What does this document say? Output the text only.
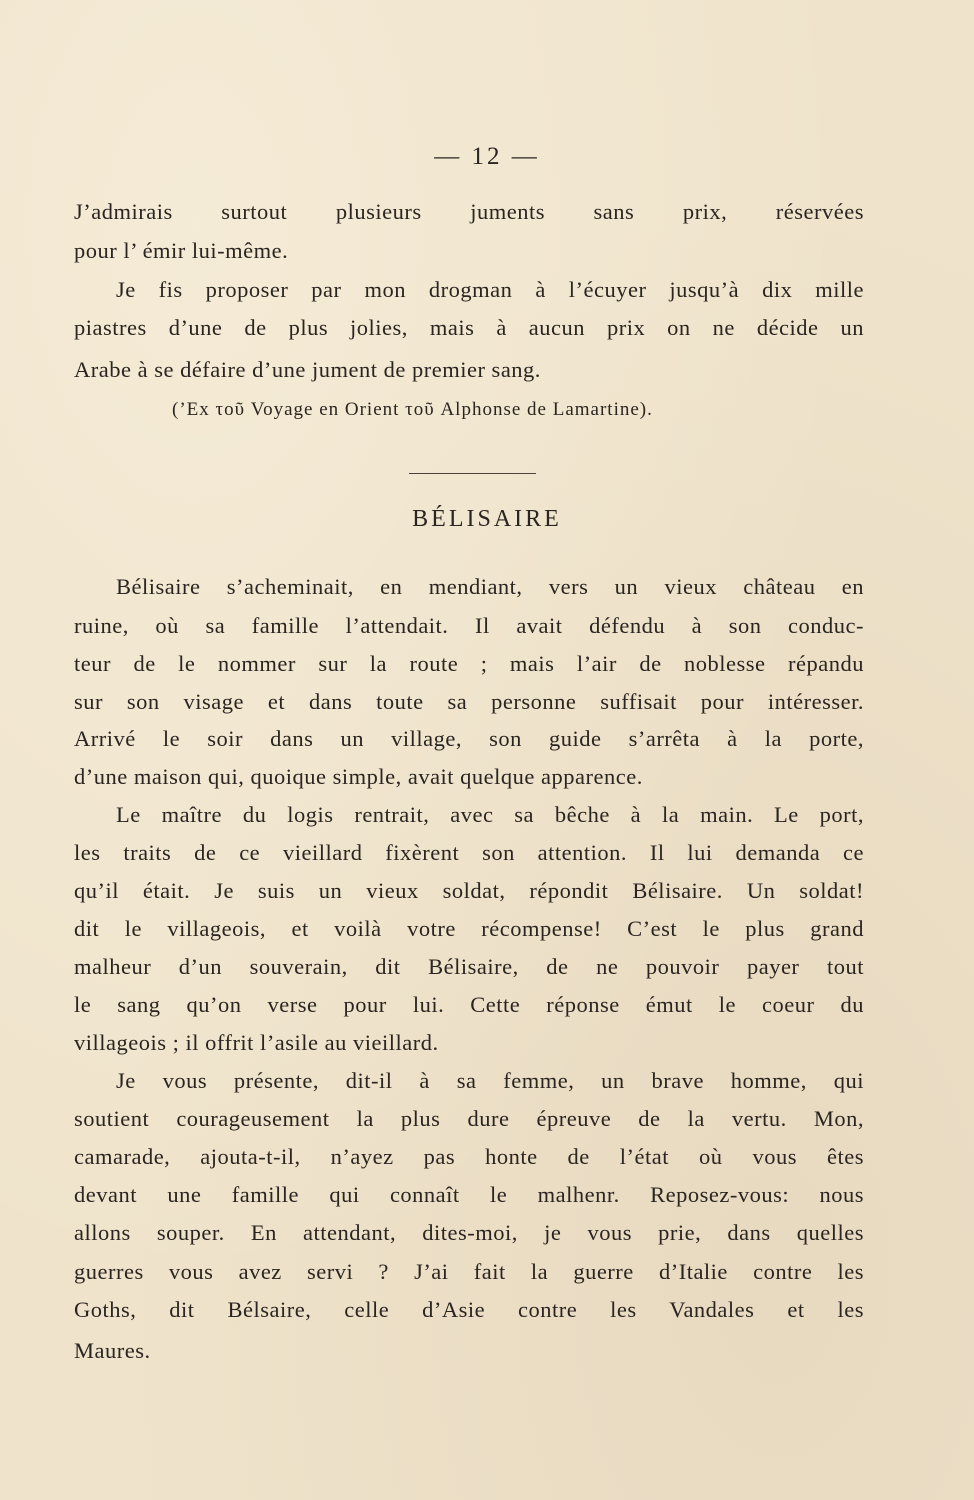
— 12 —
J’admirais surtout plusieurs juments sans prix, réservées
pour l’ émir lui-même.
Je fis proposer par mon drogman à l’écuyer jusqu’à dix mille
piastres d’une de plus jolies, mais à aucun prix on ne décide un
Arabe à se défaire d’une jument de premier sang.
(’Ex τοῦ Voyage en Orient τοῦ Alphonse de Lamartine).
BÉLISAIRE
Bélisaire s’acheminait, en mendiant, vers un vieux château en
ruine, où sa famille l’attendait. Il avait défendu à son conduc-
teur de le nommer sur la route ; mais l’air de noblesse répandu
sur son visage et dans toute sa personne suffisait pour intéresser.
Arrivé le soir dans un village, son guide s’arrêta à la porte,
d’une maison qui, quoique simple, avait quelque apparence.
Le maître du logis rentrait, avec sa bêche à la main. Le port,
les traits de ce vieillard fixèrent son attention. Il lui demanda ce
qu’il était. Je suis un vieux soldat, répondit Bélisaire. Un soldat!
dit le villageois, et voilà votre récompense! C’est le plus grand
malheur d’un souverain, dit Bélisaire, de ne pouvoir payer tout
le sang qu’on verse pour lui. Cette réponse émut le coeur du
villageois ; il offrit l’asile au vieillard.
Je vous présente, dit-il à sa femme, un brave homme, qui
soutient courageusement la plus dure épreuve de la vertu. Mon,
camarade, ajouta-t-il, n’ayez pas honte de l’état où vous êtes
devant une famille qui connaît le malhenr. Reposez-vous: nous
allons souper. En attendant, dites-moi, je vous prie, dans quelles
guerres vous avez servi ? J’ai fait la guerre d’Italie contre les
Goths, dit Bélsaire, celle d’Asie contre les Vandales et les
Maures.
